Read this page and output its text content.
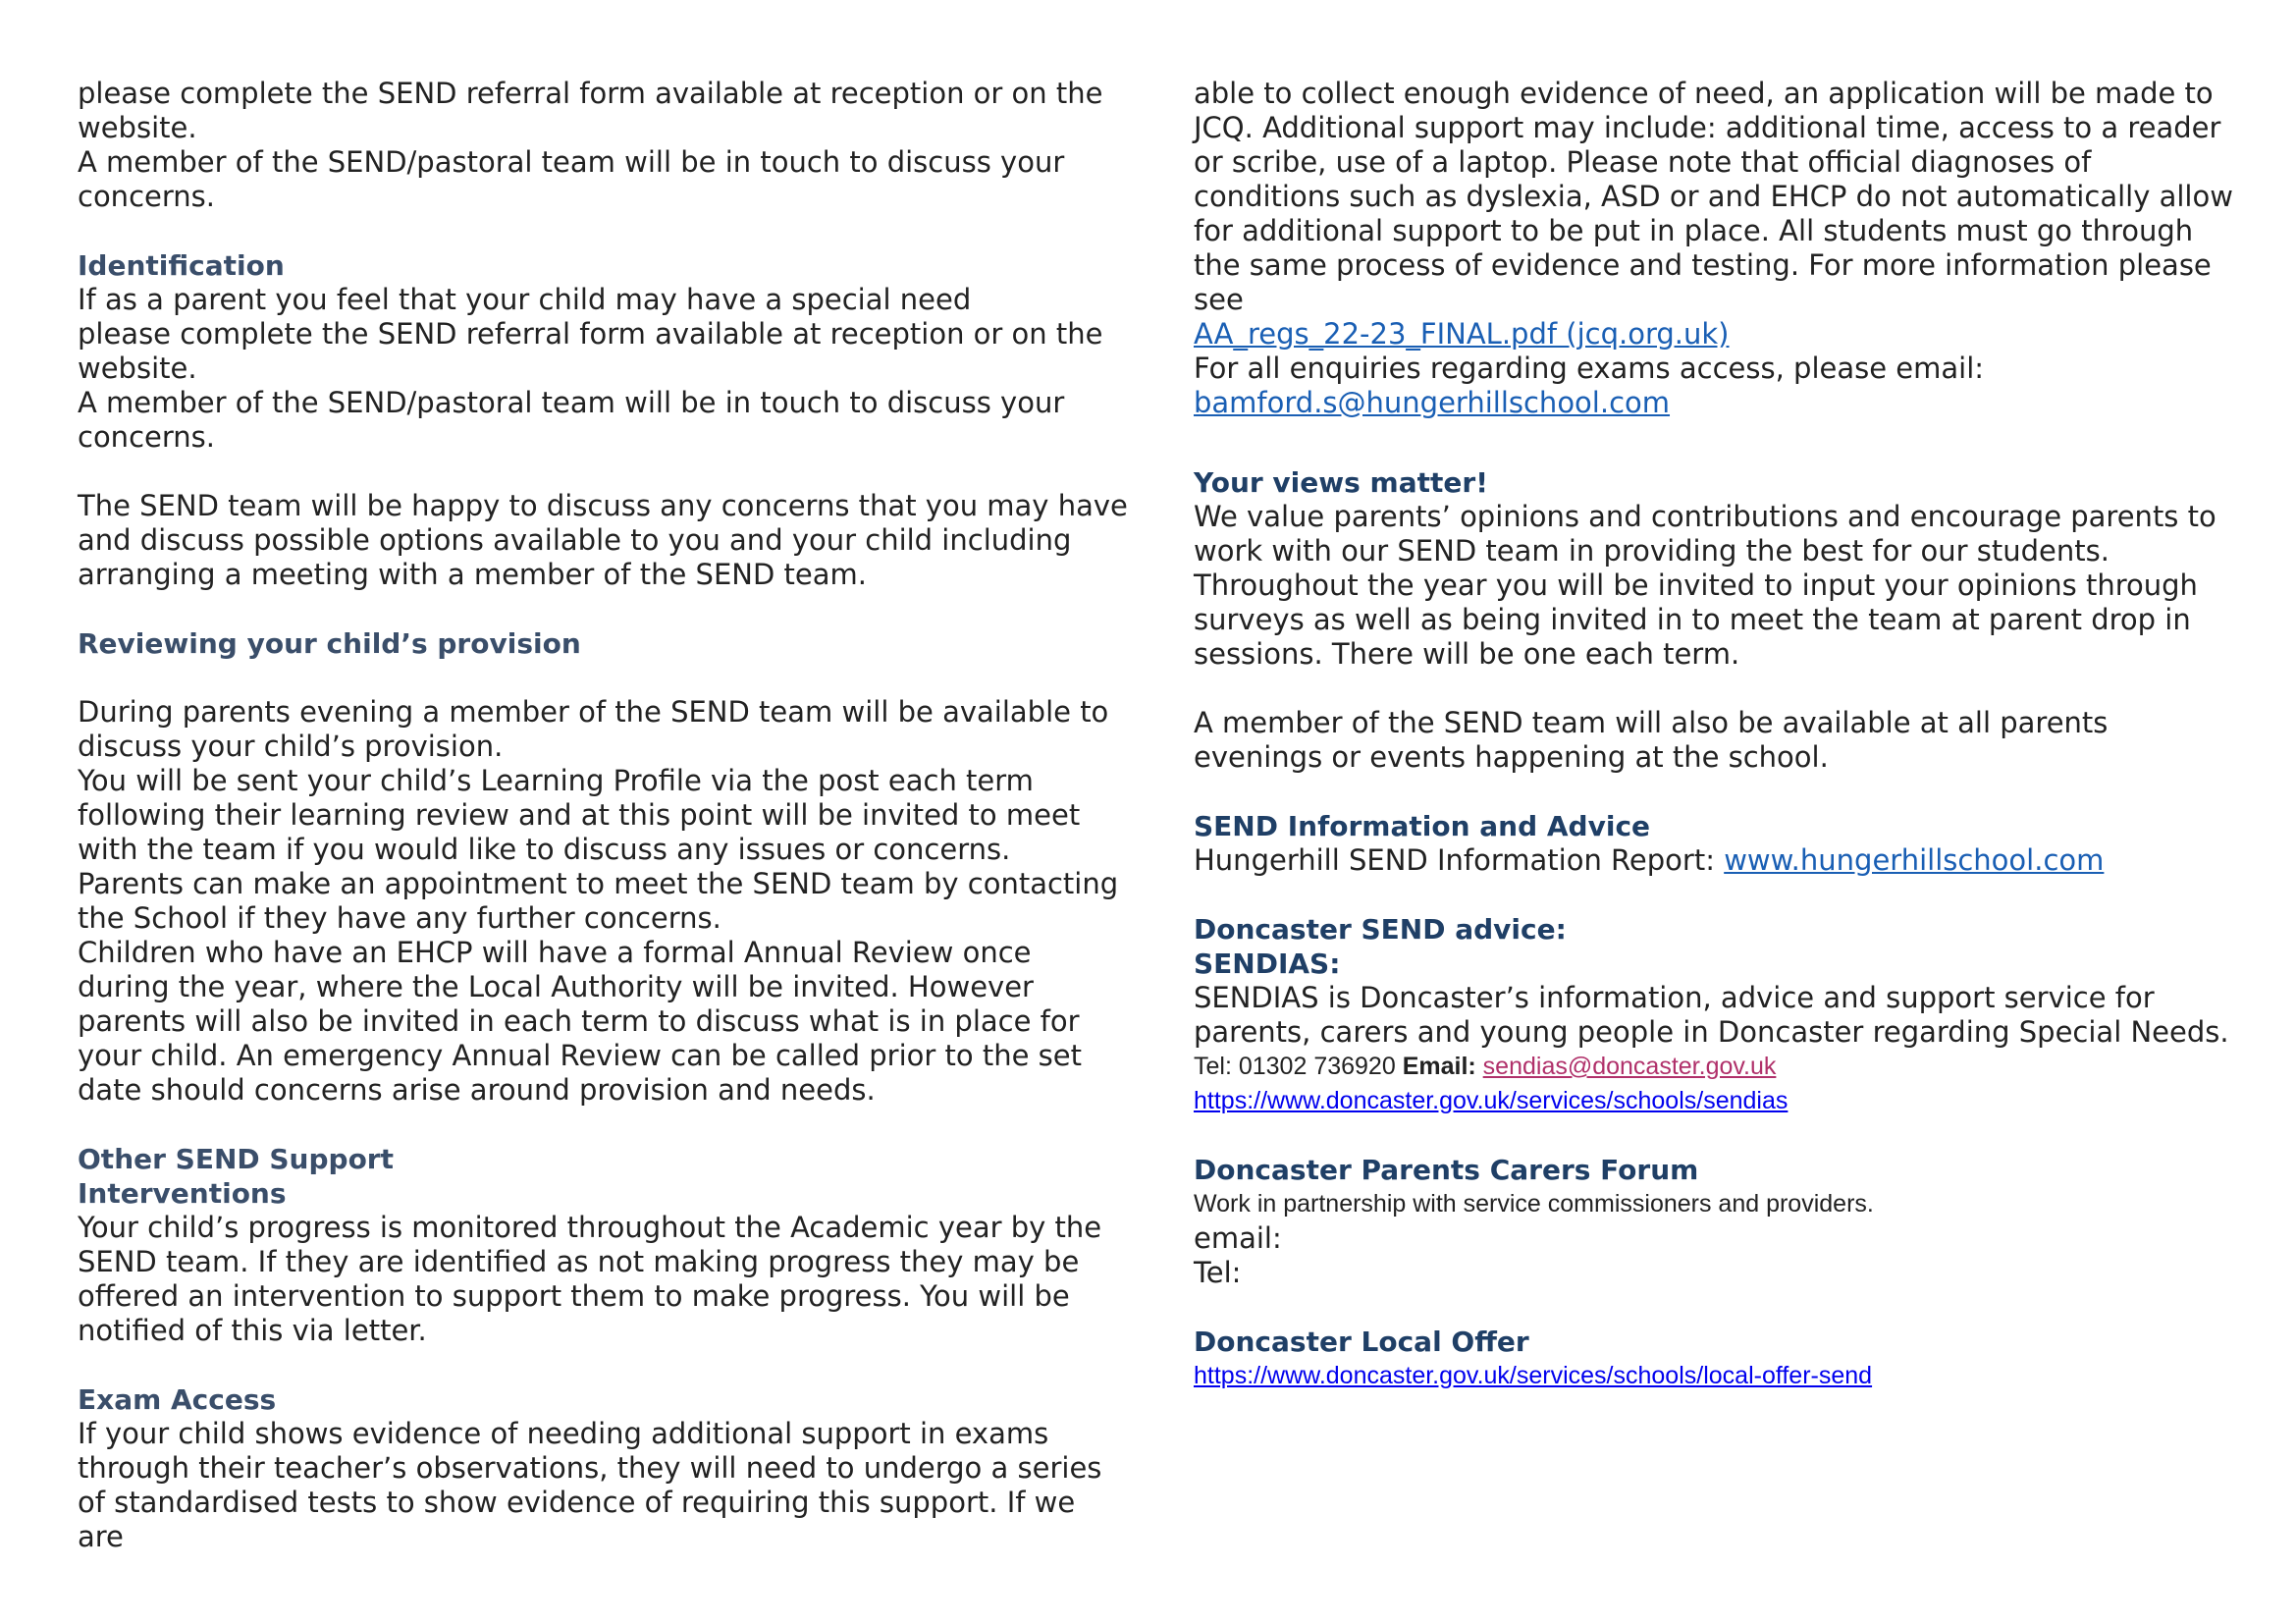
please complete the SEND referral form available at reception or on the website.

A member of the SEND/pastoral team will be in touch to discuss your concerns.

Identification

If as a parent you feel that your child may have a special need

please complete the SEND referral form available at reception or on the website.

A member of the SEND/pastoral team will be in touch to discuss your concerns.

The SEND team will be happy to discuss any concerns that you may have and discuss possible options available to you and your child including arranging a meeting with a member of the SEND team.

Reviewing your child’s provision

During parents evening a member of the SEND team will be available to discuss your child’s provision.

You will be sent your child’s Learning Profile via the post each term following their learning review and at this point will be invited to meet with the team if you would like to discuss any issues or concerns.

Parents can make an appointment to meet the SEND team by contacting the School if they have any further concerns.

Children who have an EHCP will have a formal Annual Review once during the year, where the Local Authority will be invited. However parents will also be invited in each term to discuss what is in place for your child. An emergency Annual Review can be called prior to the set date should concerns arise around provision and needs.

Other SEND Support

Interventions

Your child’s progress is monitored throughout the Academic year by the SEND team. If they are identified as not making progress they may be offered an intervention to support them to make progress. You will be notified of this via letter.

Exam Access

If your child shows evidence of needing additional support in exams through their teacher’s observations, they will need to undergo a series of standardised tests to show evidence of requiring this support. If we are

able to collect enough evidence of need, an application will be made to JCQ. Additional support may include: additional time, access to a reader or scribe, use of a laptop. Please note that official diagnoses of conditions such as dyslexia, ASD or and EHCP do not automatically allow for additional support to be put in place. All students must go through the same process of evidence and testing. For more information please see

AA_regs_22-23_FINAL.pdf (jcq.org.uk)

For all enquiries regarding exams access, please email:

bamford.s@hungerhillschool.com

Your views matter!

We value parents’ opinions and contributions and encourage parents to work with our SEND team in providing the best for our students. Throughout the year you will be invited to input your opinions through surveys as well as being invited in to meet the team at parent drop in sessions. There will be one each term.

A member of the SEND team will also be available at all parents evenings or events happening at the school.

SEND Information and Advice

Hungerhill SEND Information Report: www.hungerhillschool.com

Doncaster SEND advice:

SENDIAS:

SENDIAS is Doncaster’s information, advice and support service for parents, carers and young people in Doncaster regarding Special Needs.

Tel: 01302 736920 Email: sendias@doncaster.gov.uk

https://www.doncaster.gov.uk/services/schools/sendias

Doncaster Parents Carers Forum

Work in partnership with service commissioners and providers.

email:

Tel:

Doncaster Local Offer

https://www.doncaster.gov.uk/services/schools/local-offer-send
